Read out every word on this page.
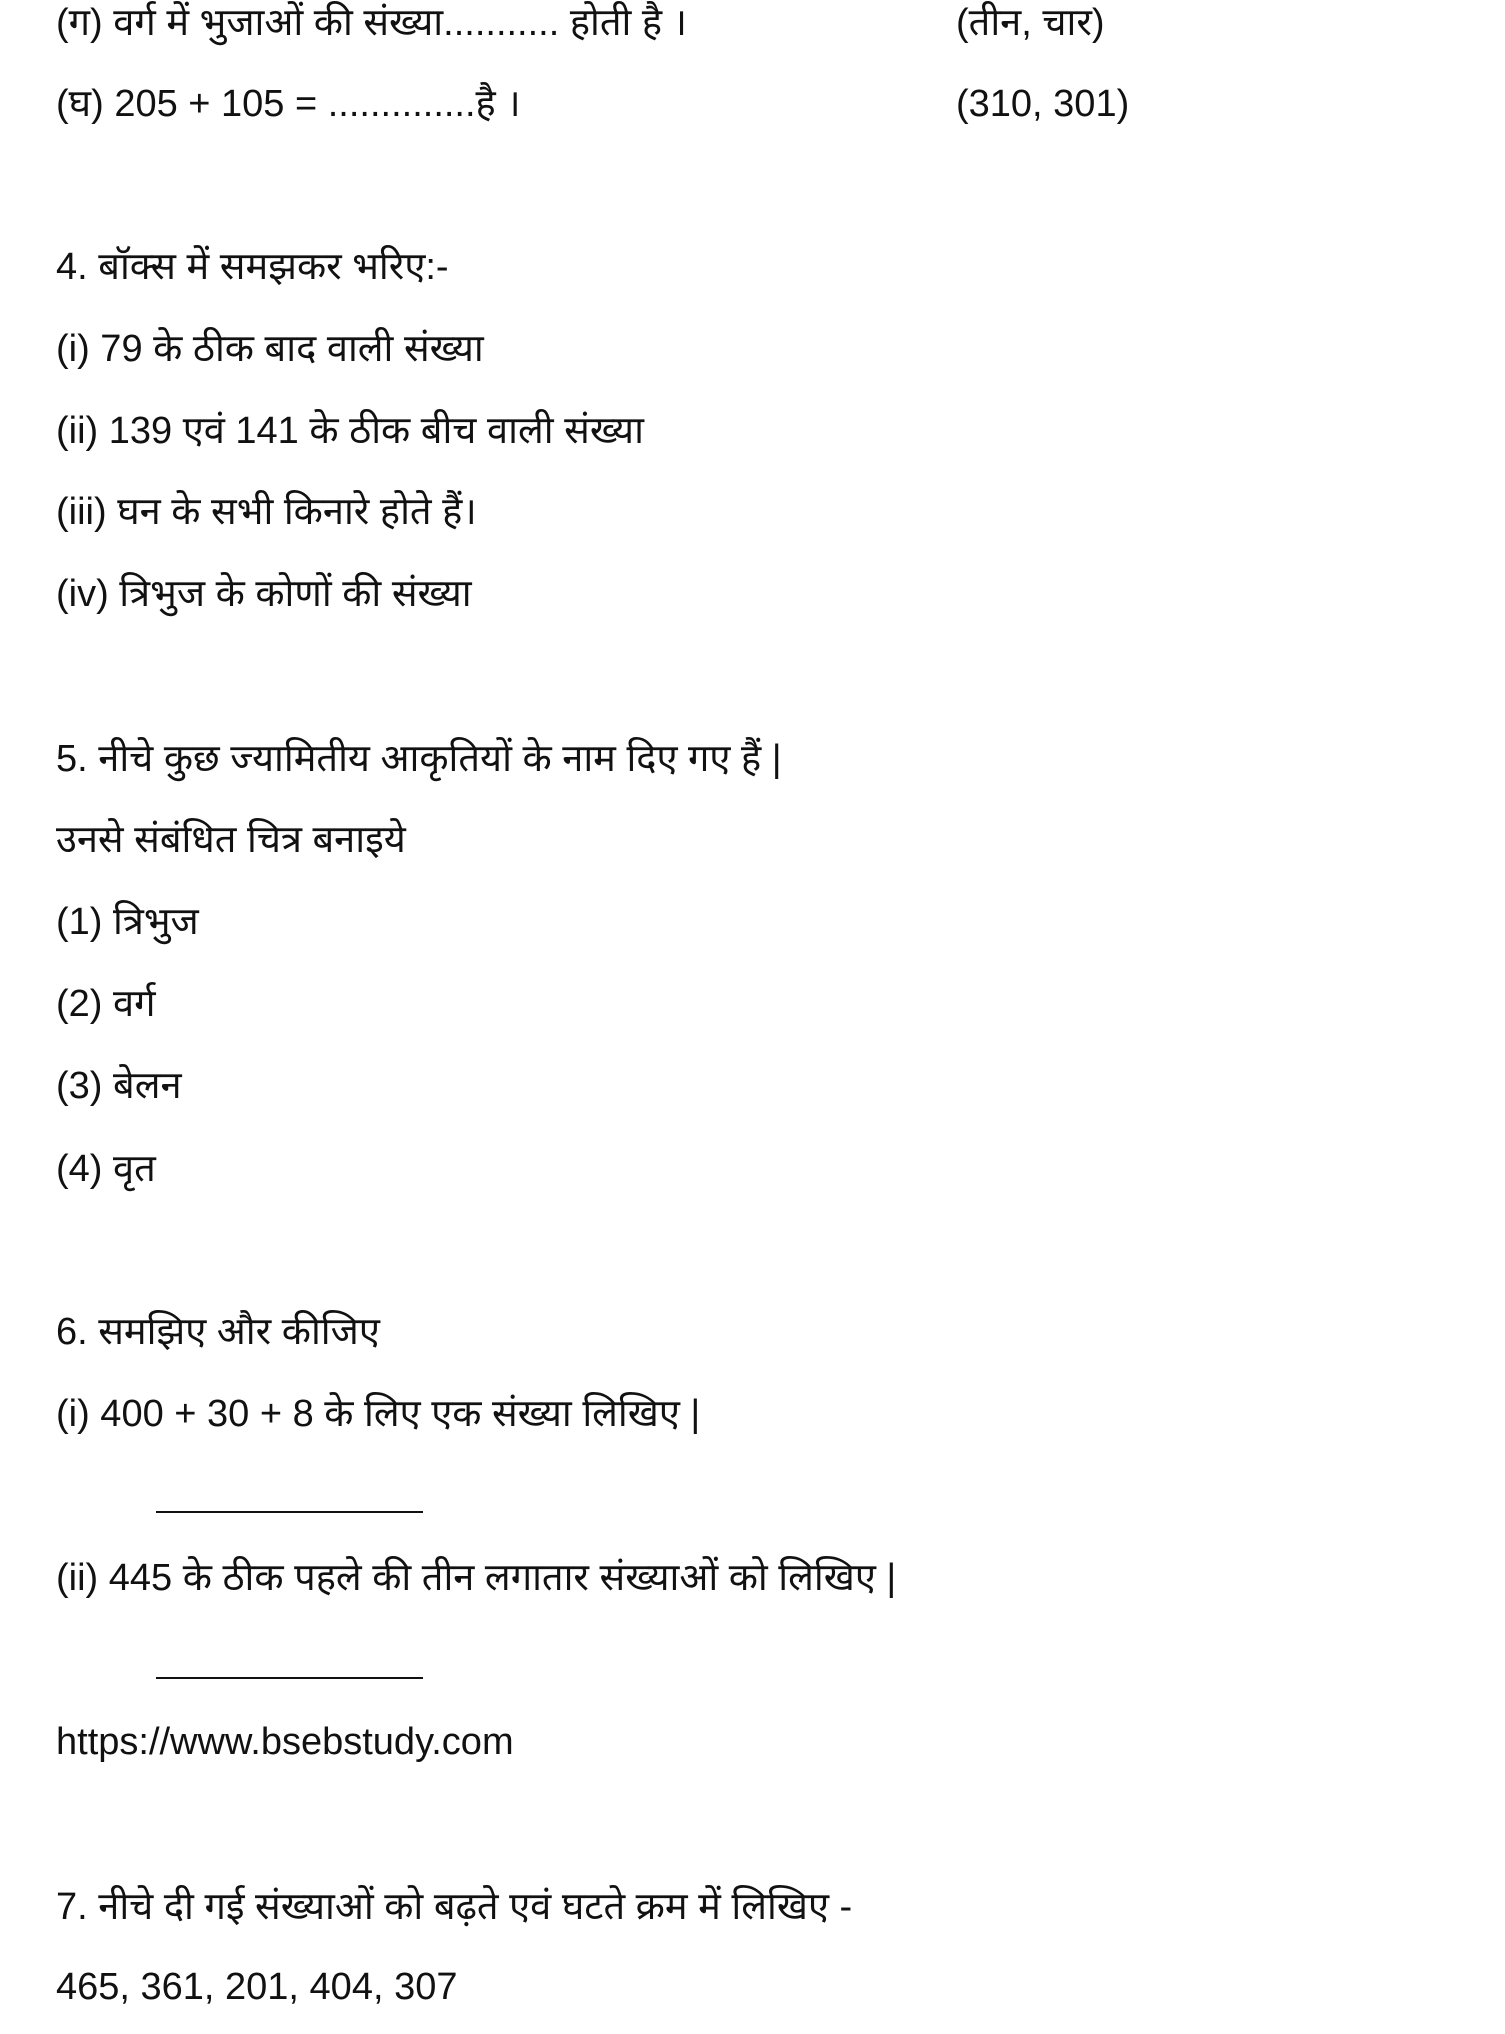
(ग) वर्ग में भुजाओं की संख्या........... होती है ।	(तीन, चार)
(घ) 205 + 105 = ..............है ।	(310, 301)
4. बॉक्स में समझकर भरिए:-
(i) 79 के ठीक बाद वाली संख्या
(ii) 139 एवं 141 के ठीक बीच वाली संख्या
(iii) घन के सभी किनारे होते हैं।
(iv) त्रिभुज के कोणों की संख्या
5. नीचे कुछ ज्यामितीय आकृतियों के नाम दिए गए हैं |
उनसे संबंधित चित्र बनाइये
(1) त्रिभुज
(2) वर्ग
(3) बेलन
(4) वृत
6. समझिए और कीजिए
(i) 400 + 30 + 8 के लिए एक संख्या लिखिए |
(ii) 445 के ठीक पहले की तीन लगातार संख्याओं को लिखिए |
https://www.bsebstudy.com
7. नीचे दी गई संख्याओं को बढ़ते एवं घटते क्रम में लिखिए -
465, 361, 201, 404, 307
